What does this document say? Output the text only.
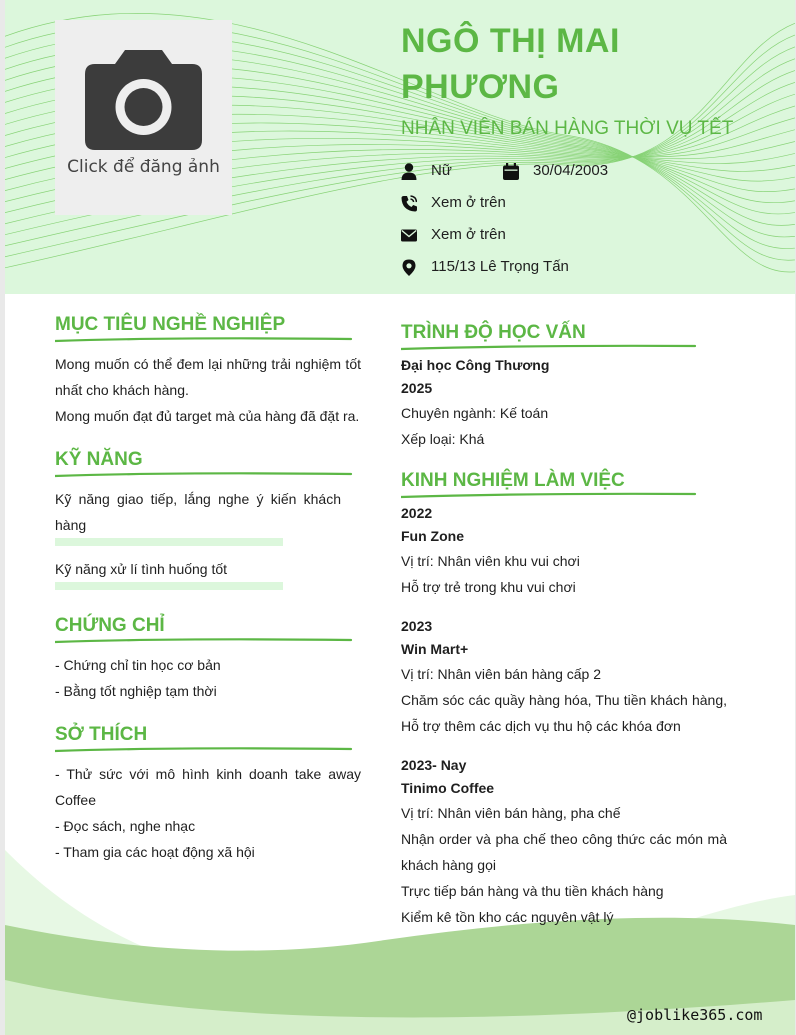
Click để đăng ảnh
NGÔ THỊ MAI PHƯƠNG
NHÂN VIÊN BÁN HÀNG THỜI VỤ TẾT
Nữ	30/04/2003
Xem ở trên
Xem ở trên
115/13 Lê Trọng Tấn
MỤC TIÊU NGHỀ NGHIỆP

Mong muốn có thể đem lại những trải nghiệm tốt nhất cho khách hàng.

Mong muốn đạt đủ target mà của hàng đã đặt ra.

KỸ NĂNG

Kỹ năng giao tiếp, lắng nghe ý kiến khách hàng

Kỹ năng xử lí tình huống tốt

CHỨNG CHỈ

- Chứng chỉ tin học cơ bản

- Bằng tốt nghiệp tạm thời

SỞ THÍCH

- Thử sức với mô hình kinh doanh take away Coffee

- Đọc sách, nghe nhạc

- Tham gia các hoạt động xã hội

TRÌNH ĐỘ HỌC VẤN

Đại học Công Thương

2025

Chuyên ngành: Kế toán

Xếp loại: Khá

KINH NGHIỆM LÀM VIỆC

2022

Fun Zone

Vị trí: Nhân viên khu vui chơi

Hỗ trợ trẻ trong khu vui chơi

2023

Win Mart+

Vị trí: Nhân viên bán hàng cấp 2

Chăm sóc các quầy hàng hóa, Thu tiền khách hàng, Hỗ trợ thêm các dịch vụ thu hộ các khóa đơn

2023- Nay

Tinimo Coffee

Vị trí: Nhân viên bán hàng, pha chế

Nhận order và pha chế theo công thức các món mà khách hàng gọi

Trực tiếp bán hàng và thu tiền khách hàng

Kiểm kê tồn kho các nguyên vật lý

@joblike365.com
